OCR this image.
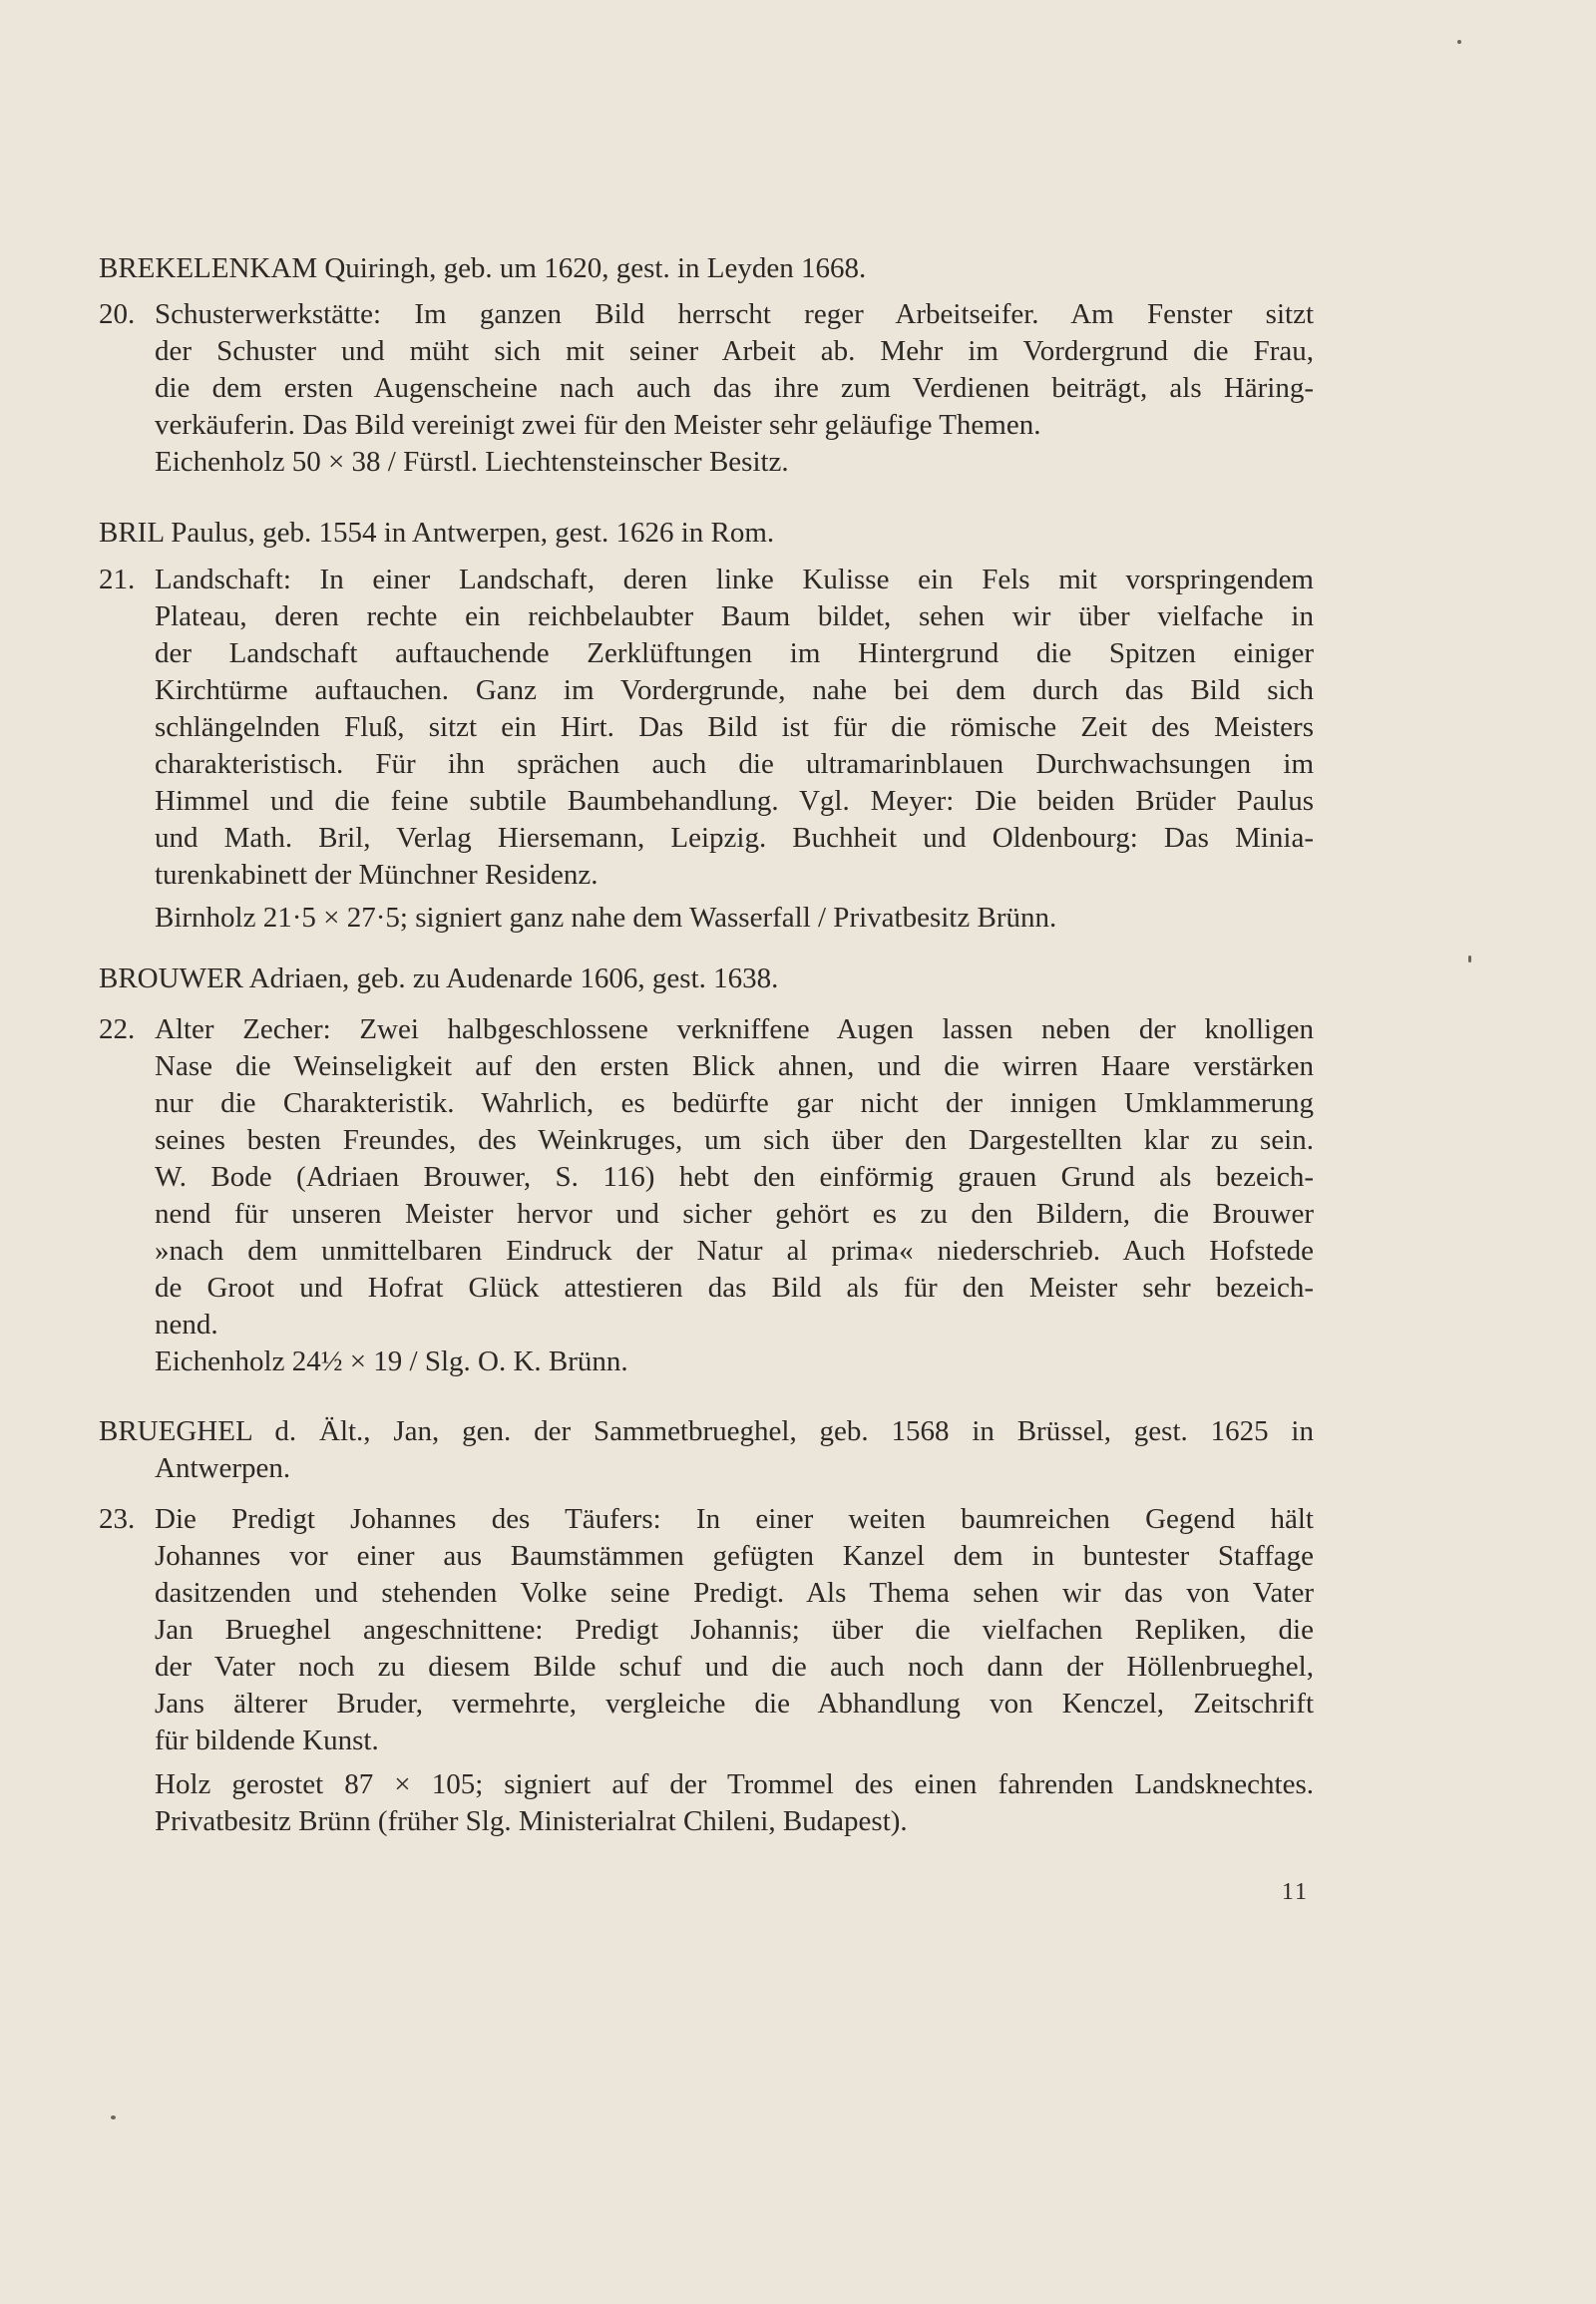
BREKELENKAM Quiringh, geb. um 1620, gest. in Leyden 1668.
20. Schusterwerkstätte: Im ganzen Bild herrscht reger Arbeitseifer. Am Fenster sitzt
der Schuster und müht sich mit seiner Arbeit ab. Mehr im Vordergrund die Frau,
die dem ersten Augenscheine nach auch das ihre zum Verdienen beiträgt, als Häring-
verkäuferin. Das Bild vereinigt zwei für den Meister sehr geläufige Themen.
Eichenholz 50 × 38 / Fürstl. Liechtensteinscher Besitz.
BRIL Paulus, geb. 1554 in Antwerpen, gest. 1626 in Rom.
21. Landschaft: In einer Landschaft, deren linke Kulisse ein Fels mit vorspringendem
Plateau, deren rechte ein reichbelaubter Baum bildet, sehen wir über vielfache in
der Landschaft auftauchende Zerklüftungen im Hintergrund die Spitzen einiger
Kirchtürme auftauchen. Ganz im Vordergrunde, nahe bei dem durch das Bild sich
schlängelnden Fluß, sitzt ein Hirt. Das Bild ist für die römische Zeit des Meisters
charakteristisch. Für ihn sprächen auch die ultramarinblauen Durchwachsungen im
Himmel und die feine subtile Baumbehandlung. Vgl. Meyer: Die beiden Brüder Paulus
und Math. Bril, Verlag Hiersemann, Leipzig. Buchheit und Oldenbourg: Das Minia-
turenkabinett der Münchner Residenz.
Birnholz 21·5 × 27·5; signiert ganz nahe dem Wasserfall / Privatbesitz Brünn.
BROUWER Adriaen, geb. zu Audenarde 1606, gest. 1638.
22. Alter Zecher: Zwei halbgeschlossene verkniffene Augen lassen neben der knolligen
Nase die Weinseligkeit auf den ersten Blick ahnen, und die wirren Haare verstärken
nur die Charakteristik. Wahrlich, es bedürfte gar nicht der innigen Umklammerung
seines besten Freundes, des Weinkruges, um sich über den Dargestellten klar zu sein.
W. Bode (Adriaen Brouwer, S. 116) hebt den einförmig grauen Grund als bezeich-
nend für unseren Meister hervor und sicher gehört es zu den Bildern, die Brouwer
»nach dem unmittelbaren Eindruck der Natur al prima« niederschrieb. Auch Hofstede
de Groot und Hofrat Glück attestieren das Bild als für den Meister sehr bezeich-
nend.
Eichenholz 24½ × 19 / Slg. O. K. Brünn.
BRUEGHEL d. Ält., Jan, gen. der Sammetbrueghel, geb. 1568 in Brüssel, gest. 1625 in
Antwerpen.
23. Die Predigt Johannes des Täufers: In einer weiten baumreichen Gegend hält
Johannes vor einer aus Baumstämmen gefügten Kanzel dem in buntester Staffage
dasitzenden und stehenden Volke seine Predigt. Als Thema sehen wir das von Vater
Jan Brueghel angeschnittene: Predigt Johannis; über die vielfachen Repliken, die
der Vater noch zu diesem Bilde schuf und die auch noch dann der Höllenbrueghel,
Jans älterer Bruder, vermehrte, vergleiche die Abhandlung von Kenczel, Zeitschrift
für bildende Kunst.
Holz gerostet 87 × 105; signiert auf der Trommel des einen fahrenden Landsknechtes.
Privatbesitz Brünn (früher Slg. Ministerialrat Chileni, Budapest).
11
